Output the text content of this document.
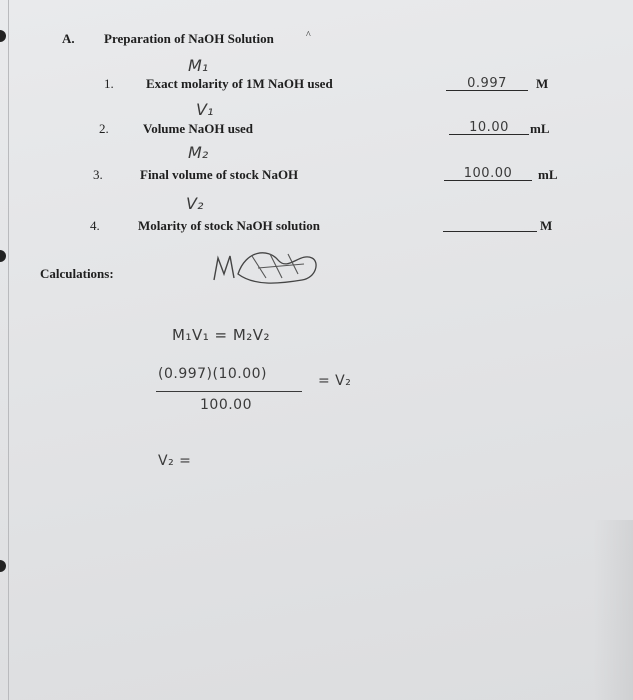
A. Preparation of NaOH Solution	^
M₁
1. Exact molarity of 1M NaOH used	0.997	M
V₁
2.	Volume NaOH used	10.00	mL
M₂
3.	Final volume of stock NaOH	100.00	mL
V₂
4.	Molarity of stock NaOH solution	M
Calculations:
M₁V₁ = M₂V₂
(0.997)(10.00)	= V₂
100.00
V₂ =
